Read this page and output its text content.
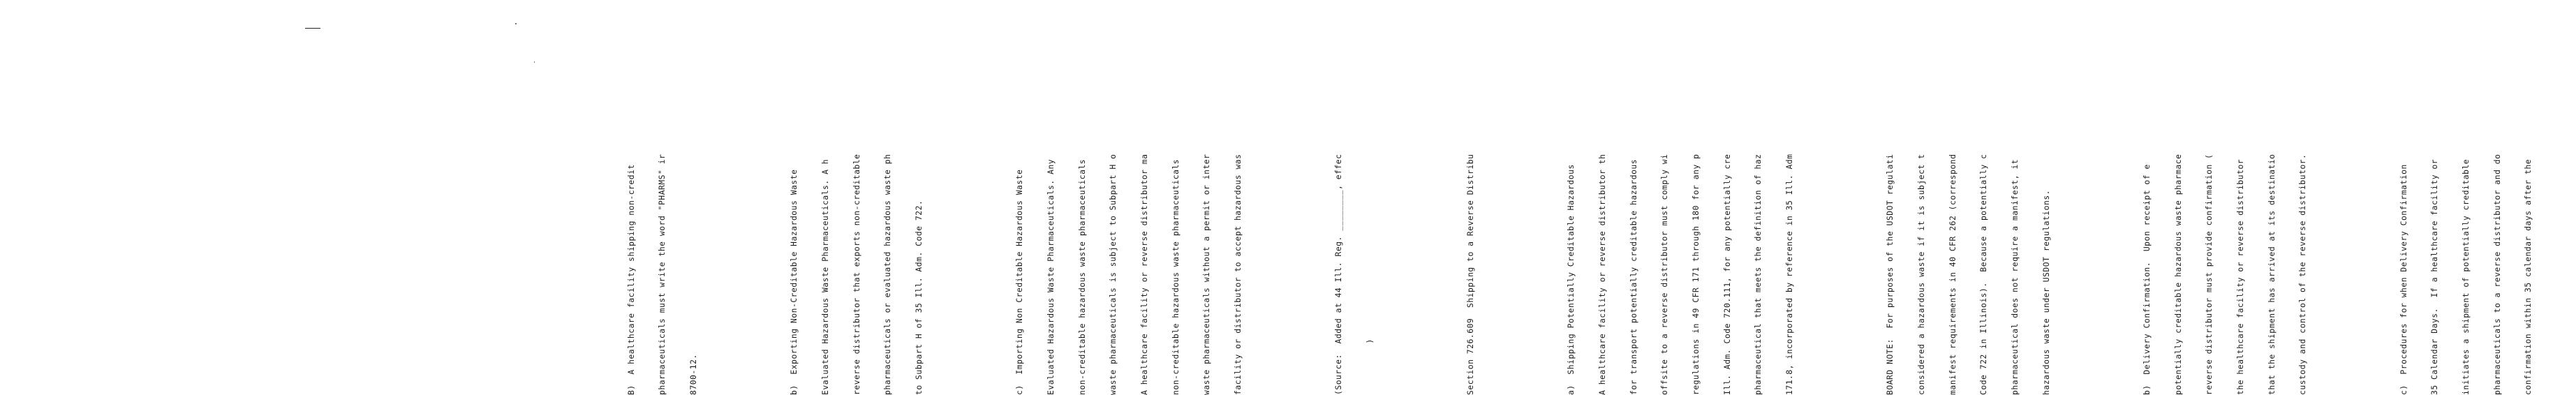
B)  A healthcare facility shipping non-credit

	pharmaceuticals must write the word "PHARMS" ir

	8700-12.

	b)  Exporting Non-Creditable Hazardous Waste

	Evaluated Hazardous Waste Pharmaceuticals. A h

	reverse distributor that exports non-creditable

	pharmaceuticals or evaluated hazardous waste ph

	to Subpart H of 35 Ill. Adm. Code 722.

	c)  Importing Non Creditable Hazardous Waste

	Evaluated Hazardous Waste Pharmaceuticals. Any

	non-creditable hazardous waste pharmaceuticals

	waste pharmaceuticals is subject to Subpart H o

	A healthcare facility or reverse distributor ma

	non-creditable hazardous waste pharmaceuticals

	waste pharmaceuticals without a permit or inter

	facility or distributor to accept hazardous was

	(Source:  Added at 44 Ill. Reg. ________, effec

	)

	Section 726.609  Shipping to a Reverse Distribu

	a)  Shipping Potentially Creditable Hazardous

	A healthcare facility or reverse distributor th

	for transport potentially creditable hazardous

	offsite to a reverse distributor must comply wi

	regulations in 49 CFR 171 through 180 for any p

	Ill. Adm. Code 720.111, for any potentially cre

	pharmaceutical that meets the definition of haz

	171.8, incorporated by reference in 35 Ill. Adm

	BOARD NOTE:  For purposes of the USDOT regulati

	considered a hazardous waste if it is subject t

	manifest requirements in 40 CFR 262 (correspond

	Code 722 in Illinois).  Because a potentially c

	pharmaceutical does not require a manifest, it

	hazardous waste under USDOT regulations.

	b)  Delivery Confirmation.  Upon receipt of e

	potentially creditable hazardous waste pharmace

	reverse distributor must provide confirmation (

	the healthcare facility or reverse distributor

	that the shipment has arrived at its destinatio

	custody and control of the reverse distributor.

	c)  Procedures for when Delivery Confirmation

	35 Calendar Days.  If a healthcare facility or

	initiates a shipment of potentially creditable

	pharmaceuticals to a reverse distributor and do

	confirmation within 35 calendar days after the
